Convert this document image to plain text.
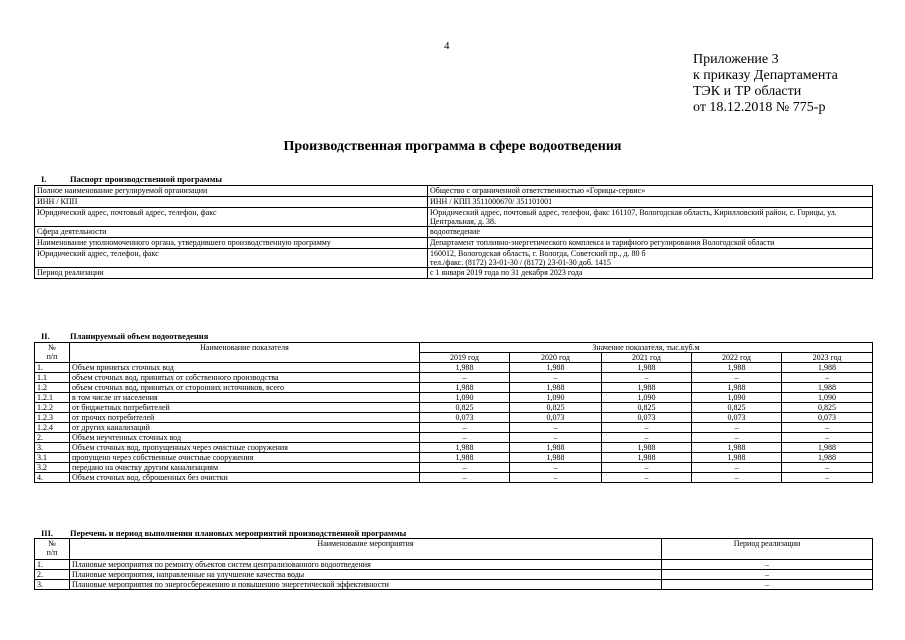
4
Приложение 3
к приказу Департамента
ТЭК и ТР области
от 18.12.2018 № 775-р
Производственная программа в сфере водоотведения
I.	Паспорт производственной программы
Полное наименование регулируемой организации	Общество с ограниченной ответственностью «Горицы-сервис»
ИНН / КПП	ИНН / КПП 3511000670/ 351101001
Юридический адрес, почтовый адрес, телефон, факс	Юридический адрес, почтовый адрес, телефон, факс 161107, Вологодская область, Кирилловский район, с. Горицы, ул. Центральная, д. 38.
Сфера деятельности	водоотведение
Наименование уполномоченного органа, утвердившего производственную программу	Департамент топливно-энергетического комплекса и тарифного регулирования Вологодской области
Юридический адрес, телефон, факс	160012, Вологодская область, г. Вологда, Советский пр., д. 80 б
тел./факс. (8172) 23-01-30 / (8172) 23-01-30 доб. 1415
Период реализации	с 1 января 2019 года по 31 декабря 2023 года
II. Планируемый объем водоотведения
№
п/п	Наименование показателя	Значение показателя, тыс.куб.м				
		2019 год	2020 год	2021 год	2022 год	2023 год
1.	Объем принятых сточных вод	1,988	1,988	1,988	1,988	1,988
1.1	объем сточных вод, принятых от собственного производства	–	–	–	–	–
1.2	объем сточных вод, принятых от сторонних источников, всего	1,988	1,988	1,988	1,988	1,988
1.2.1	в том числе от населения	1,090	1,090	1,090	1,090	1,090
1.2.2	от бюджетных потребителей	0,825	0,825	0,825	0,825	0,825
1.2.3	от прочих потребителей	0,073	0,073	0,073	0,073	0,073
1.2.4	от других канализаций	–	–	–	–	–
2.	Объем неучтенных сточных вод	–	–	–	–	–
3.	Объем сточных вод, пропущенных через очистные сооружения	1,988	1,988	1,988	1,988	1,988
3.1	пропущено через собственные очистные сооружения	1,988	1,988	1,988	1,988	1,988
3.2	передано на очистку другим канализациям	–	–	–	–	–
4.	Объем сточных вод, сброшенных без очистки	–	–	–	–	–
III. Перечень и период выполнения плановых мероприятий производственной программы
№
п/п	Наименование мероприятия	Период реализации
1.	Плановые мероприятия по ремонту объектов систем централизованного водоотведения	–
2.	Плановые мероприятия, направленные на улучшение качества воды	–
3.	Плановые мероприятия по энергосбережению и повышению энергетической эффективности	–
